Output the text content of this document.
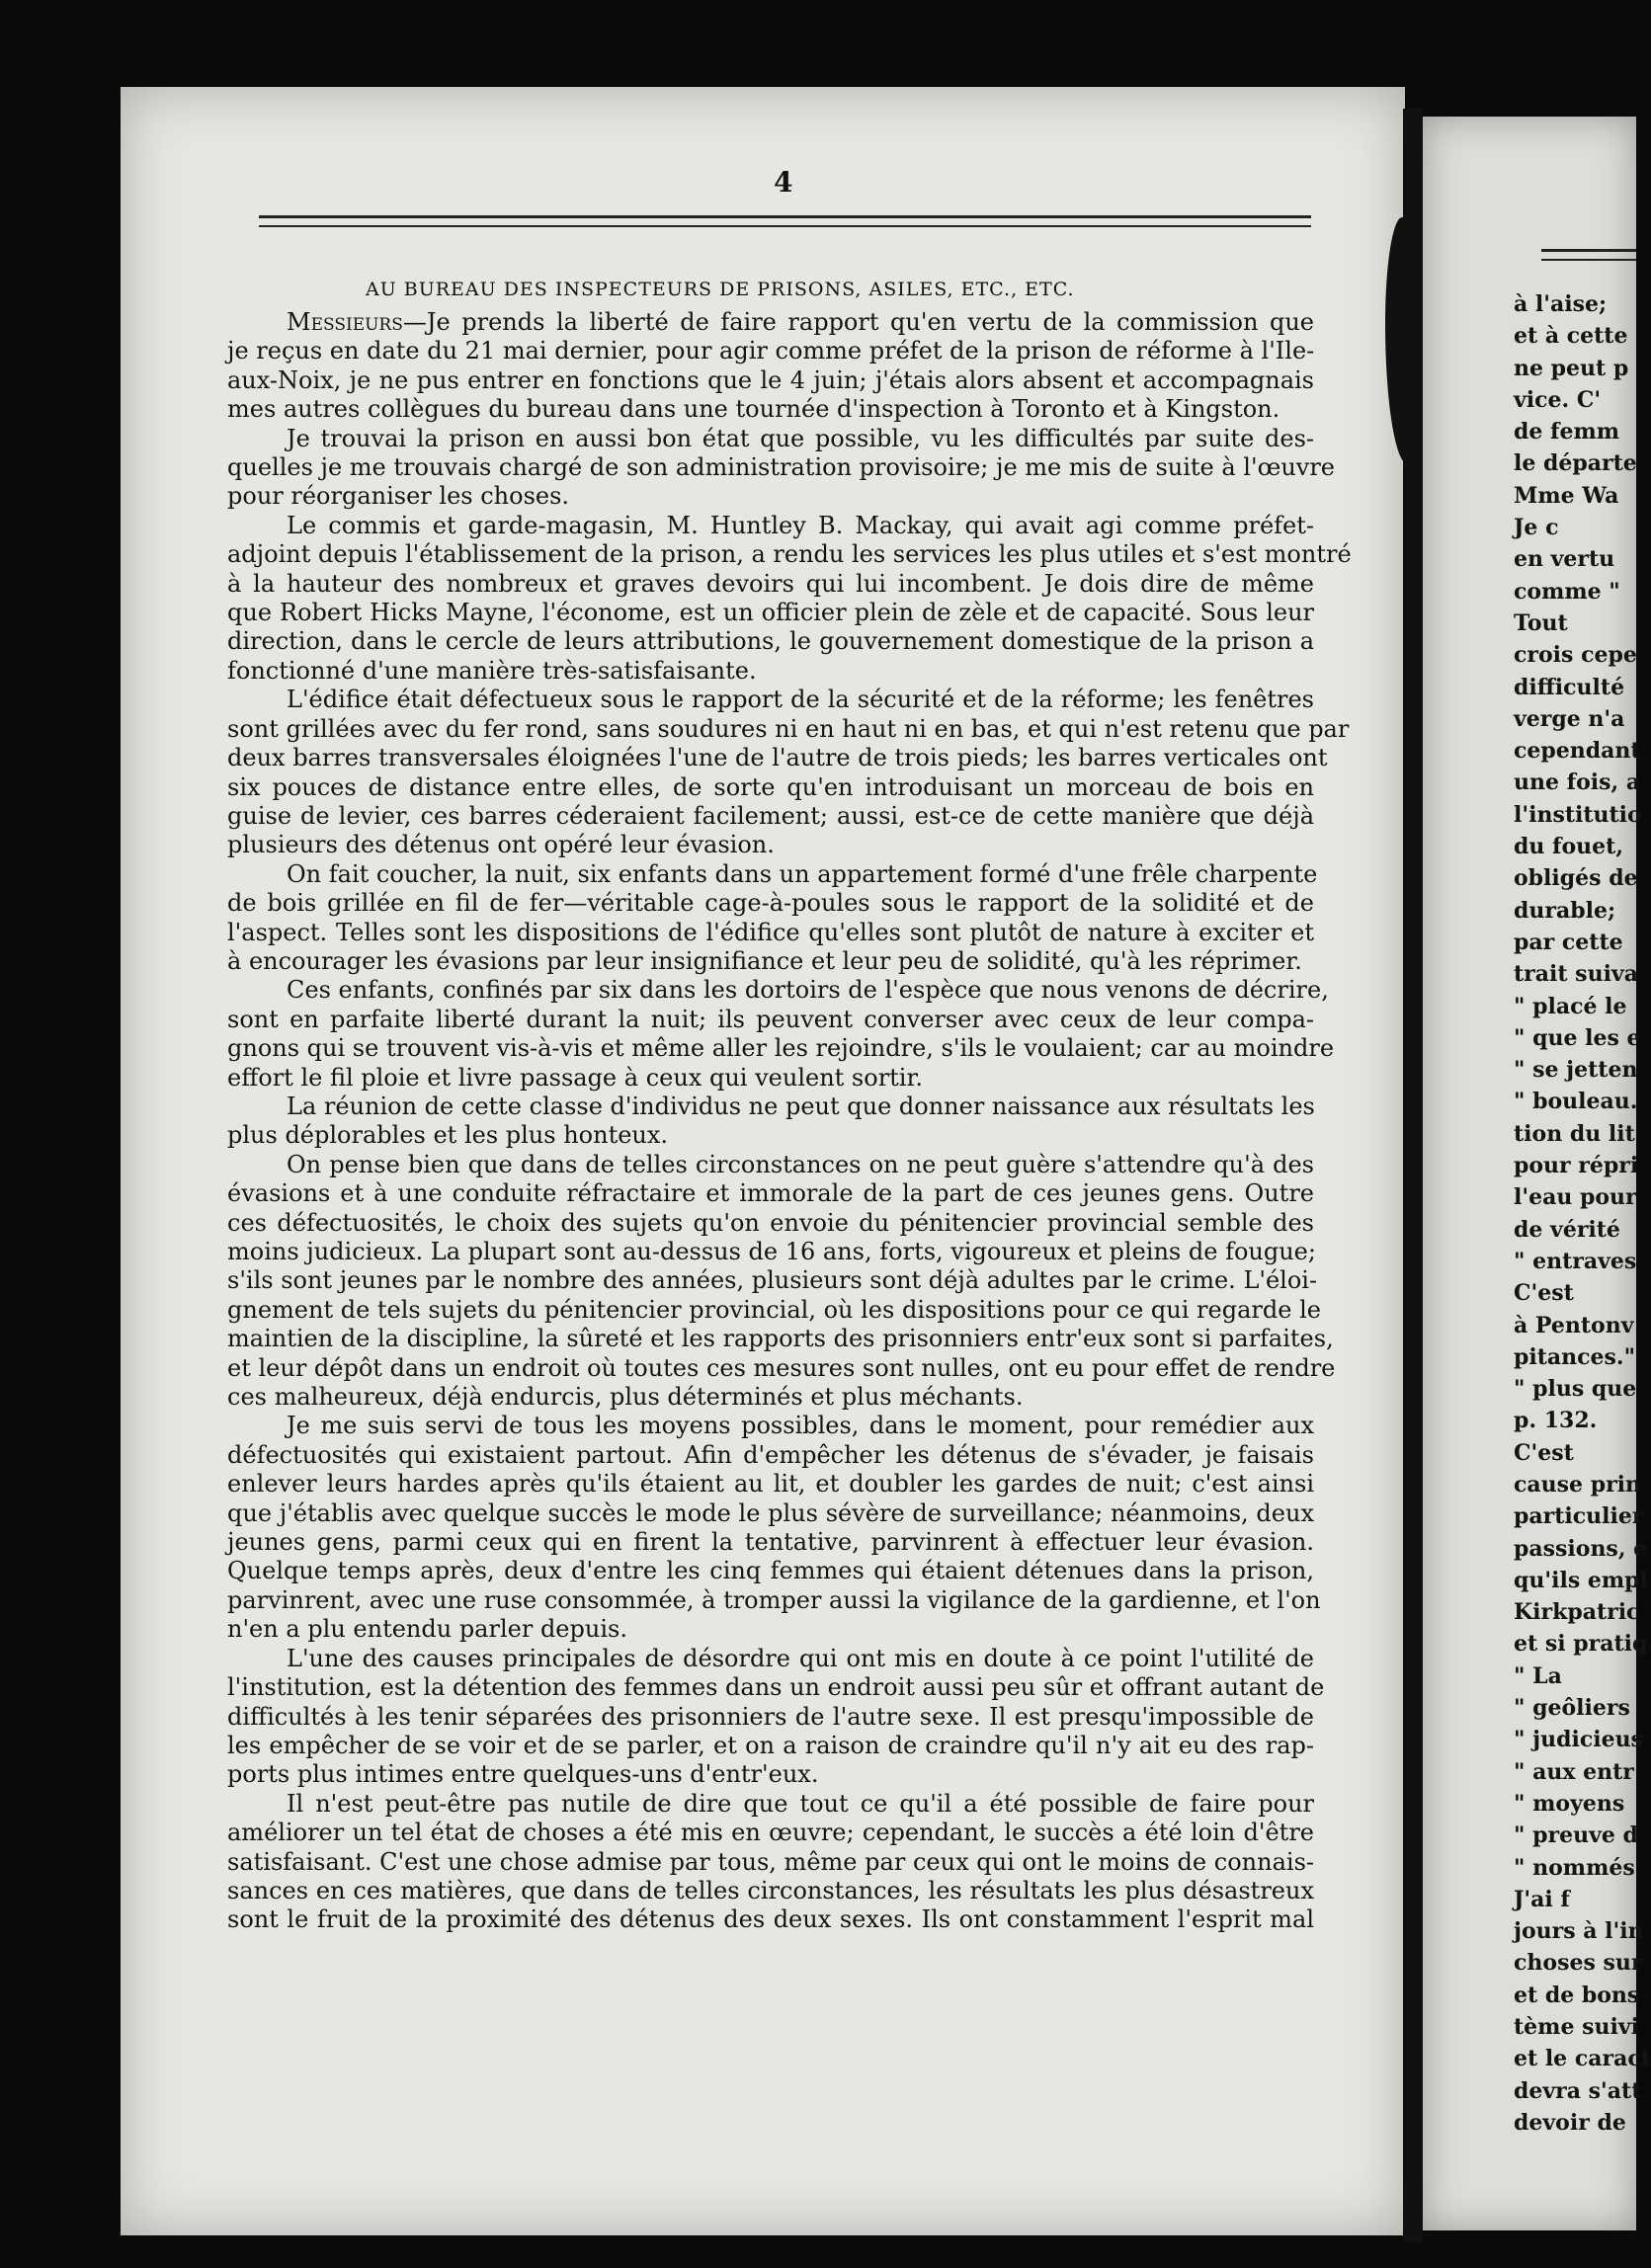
4
AU BUREAU DES INSPECTEURS DE PRISONS, ASILES, ETC., ETC.
Messieurs—Je prends la liberté de faire rapport qu'en vertu de la commission que
je reçus en date du 21 mai dernier, pour agir comme préfet de la prison de réforme à l'Ile-
aux-Noix, je ne pus entrer en fonctions que le 4 juin; j'étais alors absent et accompagnais
mes autres collègues du bureau dans une tournée d'inspection à Toronto et à Kingston.
Je trouvai la prison en aussi bon état que possible, vu les difficultés par suite des-
quelles je me trouvais chargé de son administration provisoire; je me mis de suite à l'œuvre
pour réorganiser les choses.
Le commis et garde-magasin, M. Huntley B. Mackay, qui avait agi comme préfet-
adjoint depuis l'établissement de la prison, a rendu les services les plus utiles et s'est montré
à la hauteur des nombreux et graves devoirs qui lui incombent. Je dois dire de même
que Robert Hicks Mayne, l'économe, est un officier plein de zèle et de capacité. Sous leur
direction, dans le cercle de leurs attributions, le gouvernement domestique de la prison a
fonctionné d'une manière très-satisfaisante.
L'édifice était défectueux sous le rapport de la sécurité et de la réforme; les fenêtres
sont grillées avec du fer rond, sans soudures ni en haut ni en bas, et qui n'est retenu que par
deux barres transversales éloignées l'une de l'autre de trois pieds; les barres verticales ont
six pouces de distance entre elles, de sorte qu'en introduisant un morceau de bois en
guise de levier, ces barres céderaient facilement; aussi, est-ce de cette manière que déjà
plusieurs des détenus ont opéré leur évasion.
On fait coucher, la nuit, six enfants dans un appartement formé d'une frêle charpente
de bois grillée en fil de fer—véritable cage-à-poules sous le rapport de la solidité et de
l'aspect. Telles sont les dispositions de l'édifice qu'elles sont plutôt de nature à exciter et
à encourager les évasions par leur insignifiance et leur peu de solidité, qu'à les réprimer.
Ces enfants, confinés par six dans les dortoirs de l'espèce que nous venons de décrire,
sont en parfaite liberté durant la nuit; ils peuvent converser avec ceux de leur compa-
gnons qui se trouvent vis-à-vis et même aller les rejoindre, s'ils le voulaient; car au moindre
effort le fil ploie et livre passage à ceux qui veulent sortir.
La réunion de cette classe d'individus ne peut que donner naissance aux résultats les
plus déplorables et les plus honteux.
On pense bien que dans de telles circonstances on ne peut guère s'attendre qu'à des
évasions et à une conduite réfractaire et immorale de la part de ces jeunes gens. Outre
ces défectuosités, le choix des sujets qu'on envoie du pénitencier provincial semble des
moins judicieux. La plupart sont au-dessus de 16 ans, forts, vigoureux et pleins de fougue;
s'ils sont jeunes par le nombre des années, plusieurs sont déjà adultes par le crime. L'éloi-
gnement de tels sujets du pénitencier provincial, où les dispositions pour ce qui regarde le
maintien de la discipline, la sûreté et les rapports des prisonniers entr'eux sont si parfaites,
et leur dépôt dans un endroit où toutes ces mesures sont nulles, ont eu pour effet de rendre
ces malheureux, déjà endurcis, plus déterminés et plus méchants.
Je me suis servi de tous les moyens possibles, dans le moment, pour remédier aux
défectuosités qui existaient partout. Afin d'empêcher les détenus de s'évader, je faisais
enlever leurs hardes après qu'ils étaient au lit, et doubler les gardes de nuit; c'est ainsi
que j'établis avec quelque succès le mode le plus sévère de surveillance; néanmoins, deux
jeunes gens, parmi ceux qui en firent la tentative, parvinrent à effectuer leur évasion.
Quelque temps après, deux d'entre les cinq femmes qui étaient détenues dans la prison,
parvinrent, avec une ruse consommée, à tromper aussi la vigilance de la gardienne, et l'on
n'en a plu entendu parler depuis.
L'une des causes principales de désordre qui ont mis en doute à ce point l'utilité de
l'institution, est la détention des femmes dans un endroit aussi peu sûr et offrant autant de
difficultés à les tenir séparées des prisonniers de l'autre sexe. Il est presqu'impossible de
les empêcher de se voir et de se parler, et on a raison de craindre qu'il n'y ait eu des rap-
ports plus intimes entre quelques-uns d'entr'eux.
Il n'est peut-être pas nutile de dire que tout ce qu'il a été possible de faire pour
améliorer un tel état de choses a été mis en œuvre; cependant, le succès a été loin d'être
satisfaisant. C'est une chose admise par tous, même par ceux qui ont le moins de connais-
sances en ces matières, que dans de telles circonstances, les résultats les plus désastreux
sont le fruit de la proximité des détenus des deux sexes. Ils ont constamment l'esprit mal
à l'aise;
et à cette
ne peut p
vice. C'
de femm
le départe
Mme Wa
Je c
en vertu
comme "
Tout
crois cepe
difficulté
verge n'a
cependant
une fois, a
l'institutio
du fouet,
obligés de
durable;
par cette
trait suiva
" placé le
" que les e
" se jetten
" bouleau.
tion du lit
pour répri
l'eau pour
de vérité
" entraves
C'est
à Pentonv
pitances."
" plus que
p. 132.
C'est
cause prin
particulier
passions, e
qu'ils empl
Kirkpatric
et si pratiq
" La
" geôliers
" judicieus
" aux entr
" moyens
" preuve d
" nommés
J'ai f
jours à l'in
choses sur
et de bons
tème suivi
et le caract
devra s'att
devoir de
